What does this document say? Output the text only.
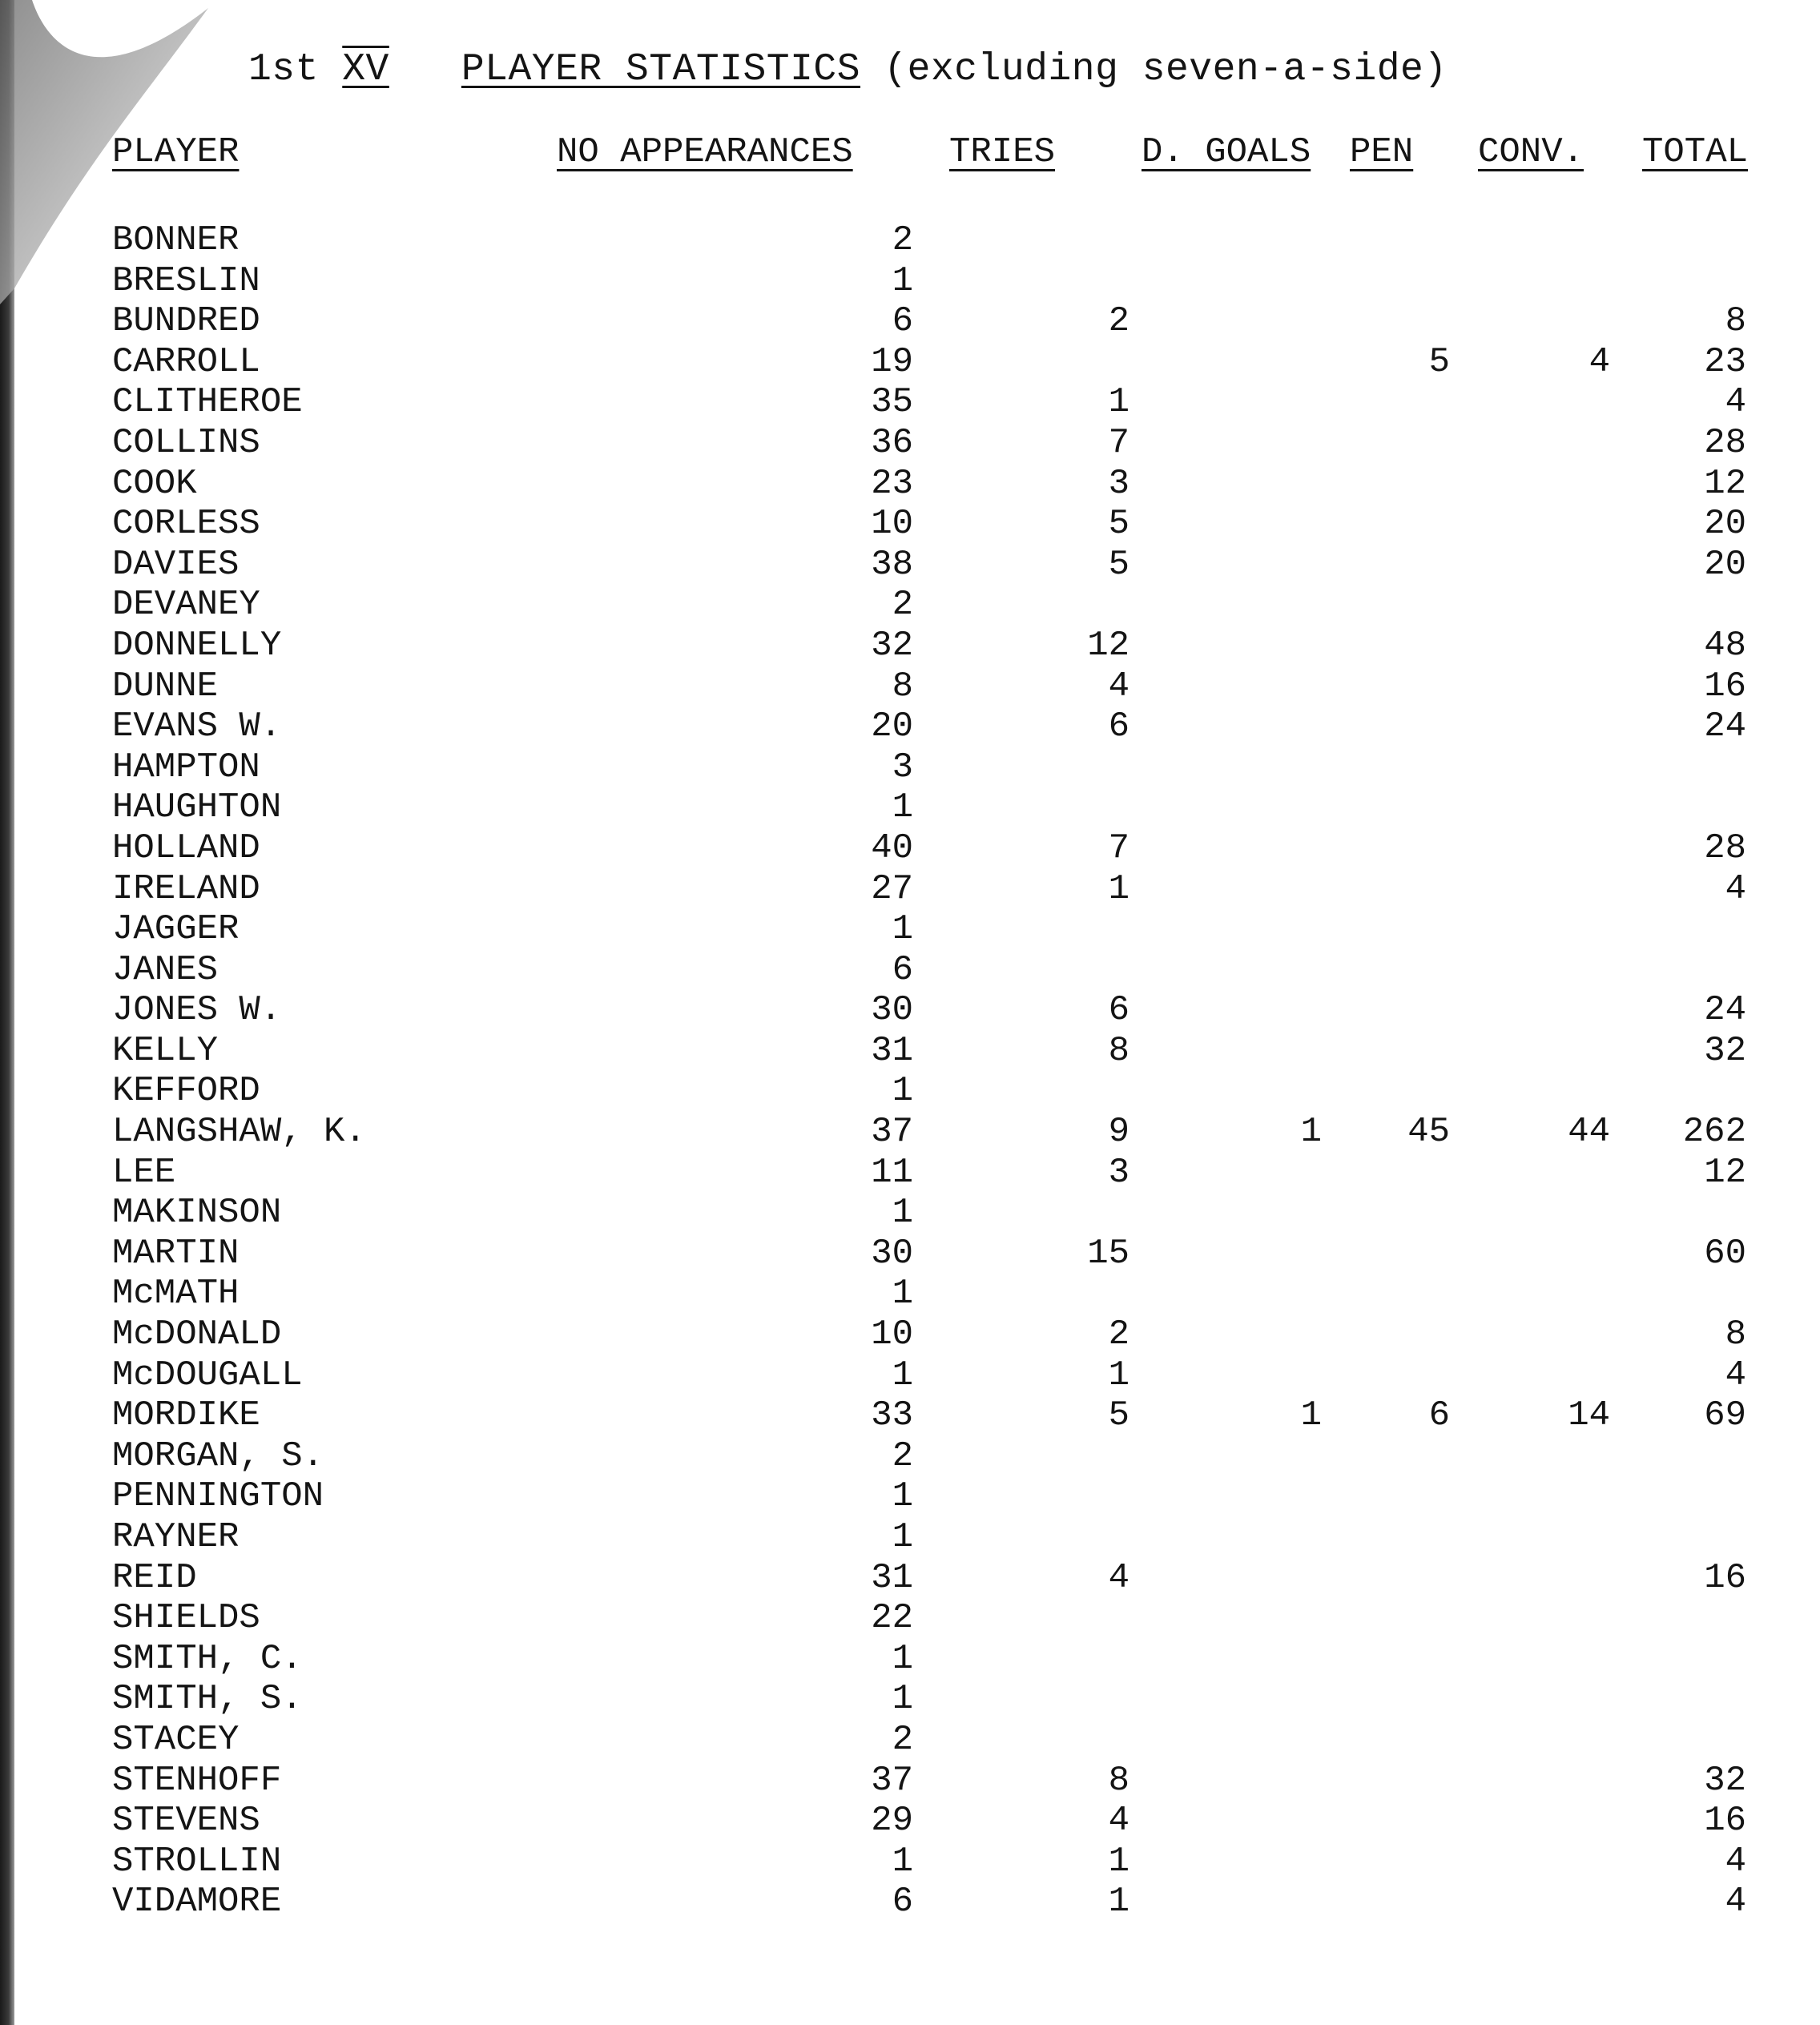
1st XV PLAYER STATISTICS (excluding seven-a-side)
PLAYER	NO APPEARANCES	TRIES	D. GOALS	PEN	CONV.	TOTAL
BONNER	2					
BRESLIN	1					
BUNDRED	6	2				8
CARROLL	19			5	4	23
CLITHEROE	35	1				4
COLLINS	36	7				28
COOK	23	3				12
CORLESS	10	5				20
DAVIES	38	5				20
DEVANEY	2					
DONNELLY	32	12				48
DUNNE	8	4				16
EVANS W.	20	6				24
HAMPTON	3					
HAUGHTON	1					
HOLLAND	40	7				28
IRELAND	27	1				4
JAGGER	1					
JANES	6					
JONES W.	30	6				24
KELLY	31	8				32
KEFFORD	1					
LANGSHAW, K.	37	9	1	45	44	262
LEE	11	3				12
MAKINSON	1					
MARTIN	30	15				60
McMATH	1					
McDONALD	10	2				8
McDOUGALL	1	1				4
MORDIKE	33	5	1	6	14	69
MORGAN, S.	2					
PENNINGTON	1					
RAYNER	1					
REID	31	4				16
SHIELDS	22					
SMITH, C.	1					
SMITH, S.	1					
STACEY	2					
STENHOFF	37	8				32
STEVENS	29	4				16
STROLLIN	1	1				4
VIDAMORE	6	1				4
